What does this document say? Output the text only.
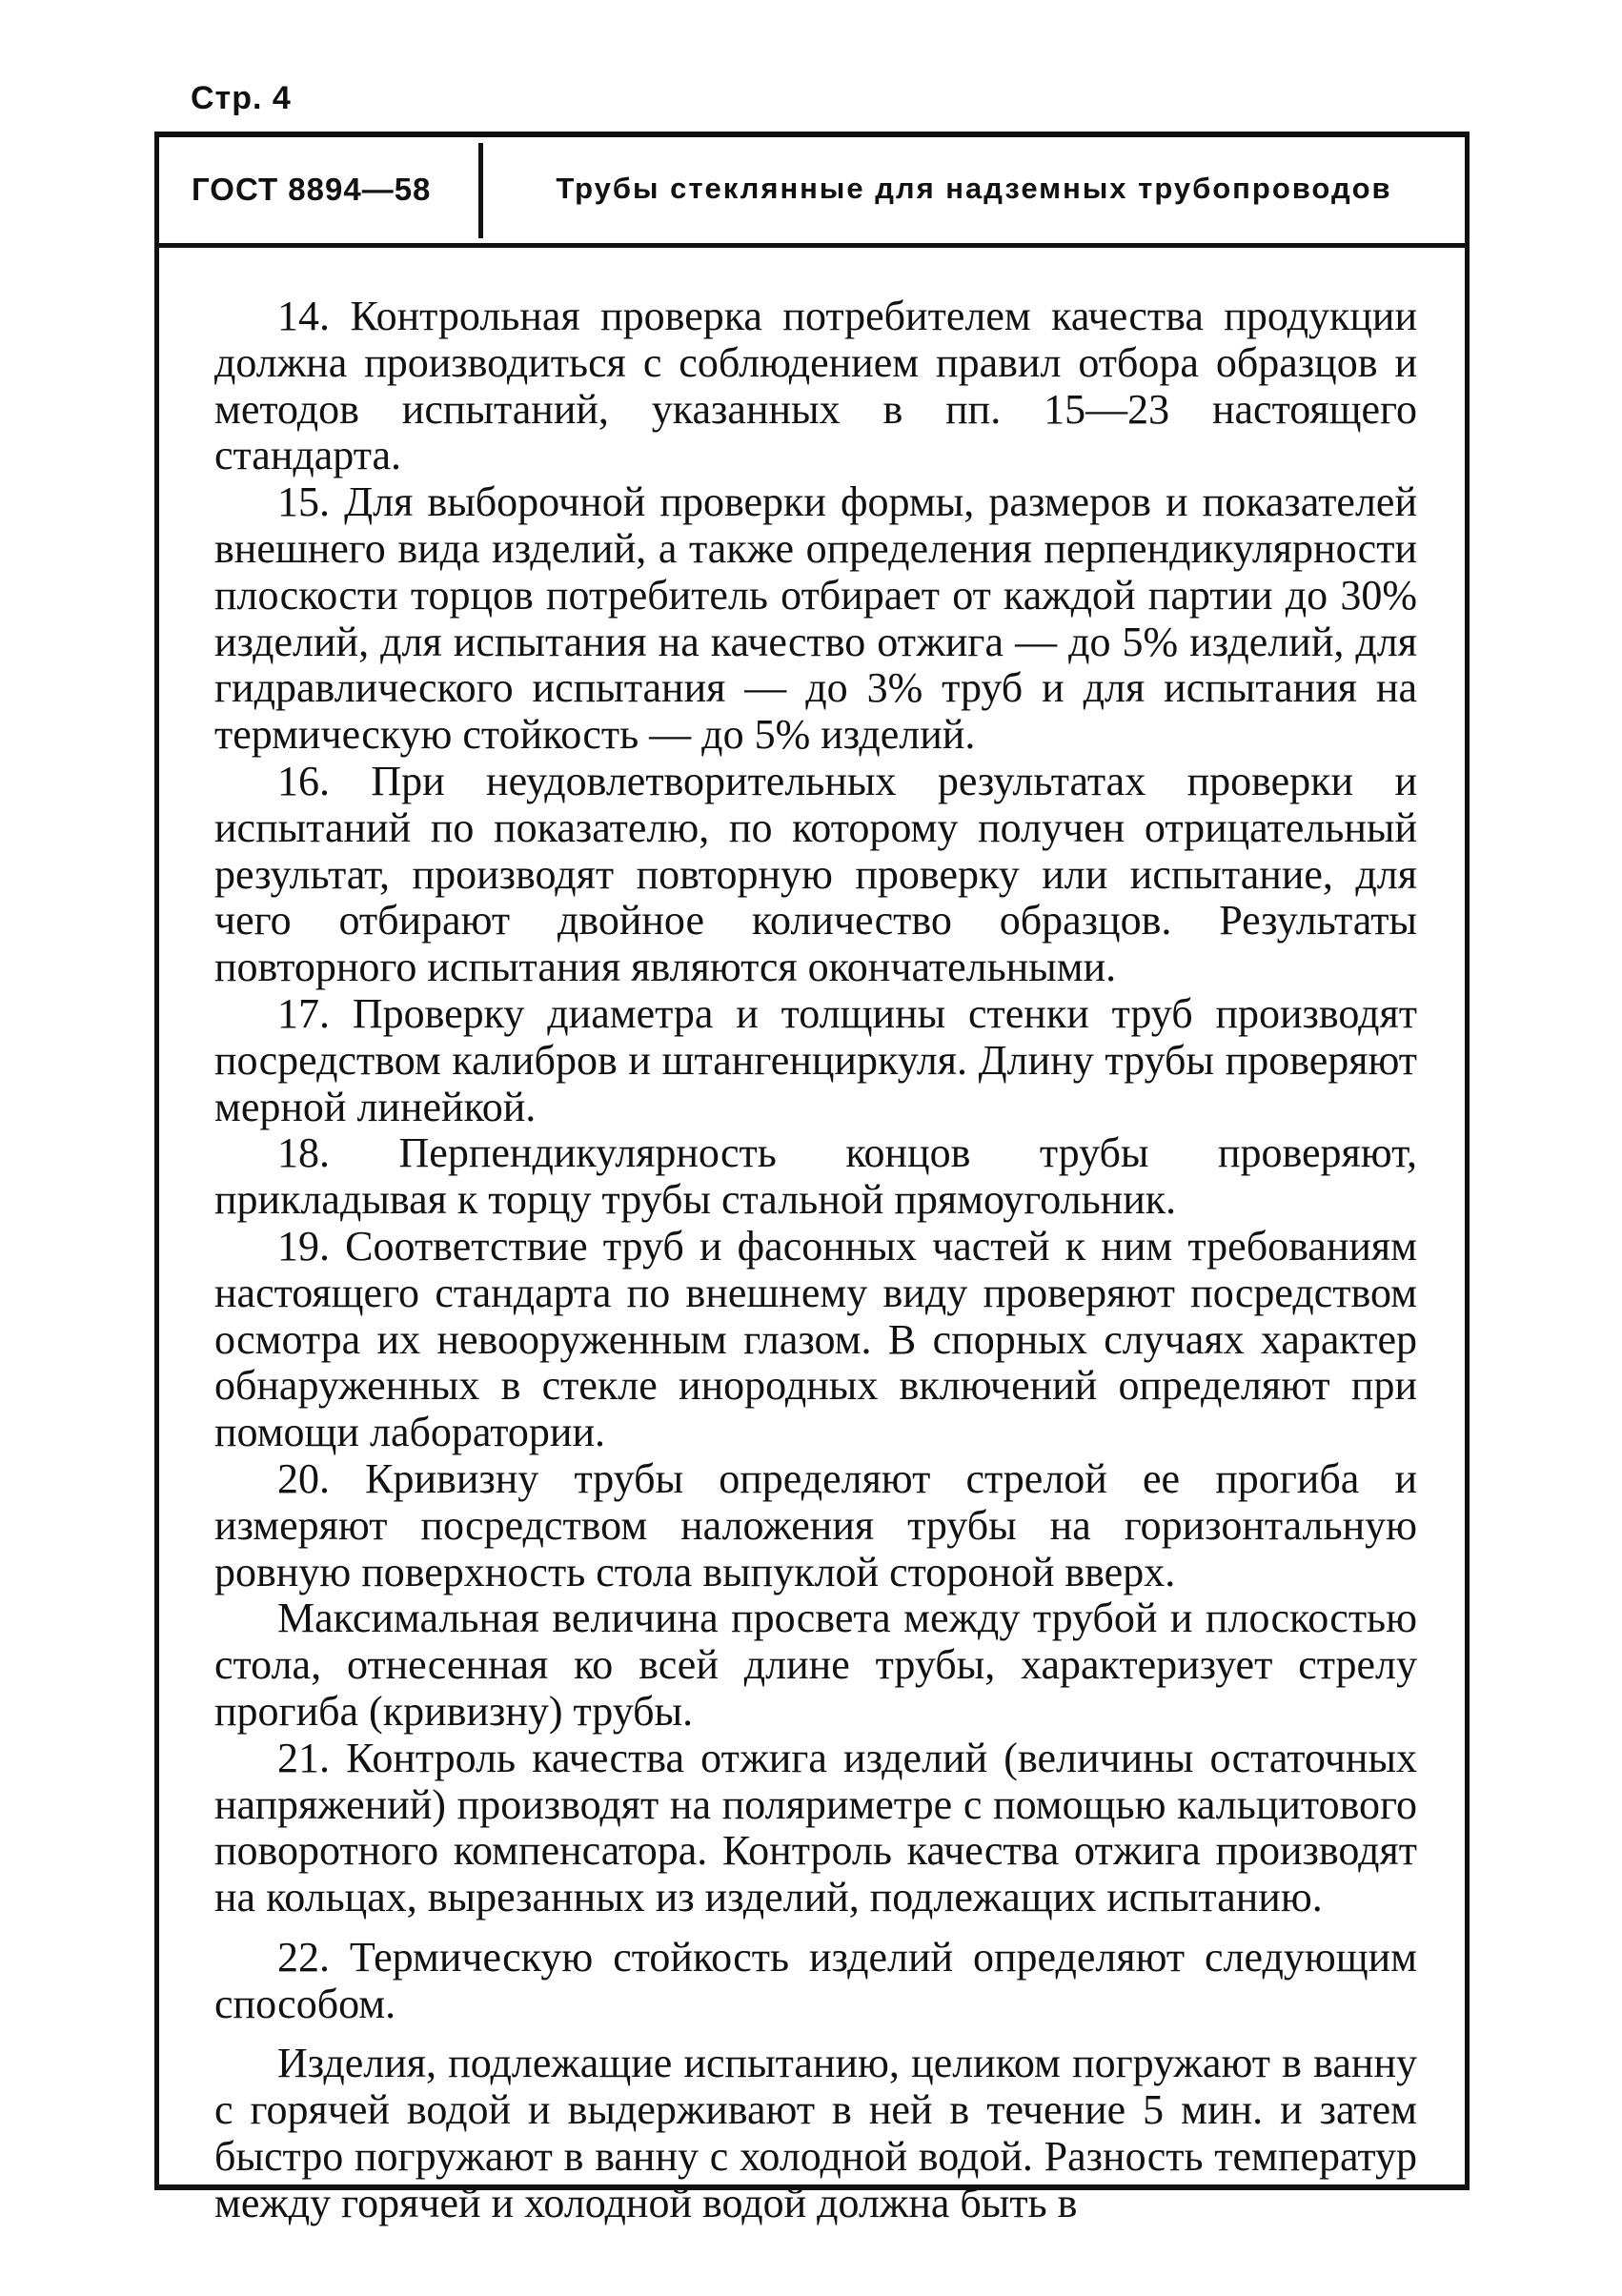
Стр. 4
ГОСТ 8894—58	Трубы стеклянные для надземных трубопроводов

14. Контрольная проверка потребителем качества продукции должна производиться с соблюдением правил отбора образцов и методов испытаний, указанных в пп. 15—23 настоящего стандарта.

15. Для выборочной проверки формы, размеров и показателей внешнего вида изделий, а также определения перпендикулярности плоскости торцов потребитель отбирает от каждой партии до 30% изделий, для испытания на качество отжига — до 5% изделий, для гидравлического испытания — до 3% труб и для испытания на термическую стойкость — до 5% изделий.

16. При неудовлетворительных результатах проверки и испытаний по показателю, по которому получен отрицательный результат, производят повторную проверку или испытание, для чего отбирают двойное количество образцов. Результаты повторного испытания являются окончательными.

17. Проверку диаметра и толщины стенки труб производят посредством калибров и штангенциркуля. Длину трубы проверяют мерной линейкой.

18. Перпендикулярность концов трубы проверяют, прикладывая к торцу трубы стальной прямоугольник.

19. Соответствие труб и фасонных частей к ним требованиям настоящего стандарта по внешнему виду проверяют посредством осмотра их невооруженным глазом. В спорных случаях характер обнаруженных в стекле инородных включений определяют при помощи лаборатории.

20. Кривизну трубы определяют стрелой ее прогиба и измеряют посредством наложения трубы на горизонтальную ровную поверхность стола выпуклой стороной вверх.

Максимальная величина просвета между трубой и плоскостью стола, отнесенная ко всей длине трубы, характеризует стрелу прогиба (кривизну) трубы.

21. Контроль качества отжига изделий (величины остаточных напряжений) производят на поляриметре с помощью кальцитового поворотного компенсатора. Контроль качества отжига производят на кольцах, вырезанных из изделий, подлежащих испытанию.

22. Термическую стойкость изделий определяют следующим способом.

Изделия, подлежащие испытанию, целиком погружают в ванну с горячей водой и выдерживают в ней в течение 5 мин. и затем быстро погружают в ванну с холодной водой. Разность температур между горячей и холодной водой должна быть в
